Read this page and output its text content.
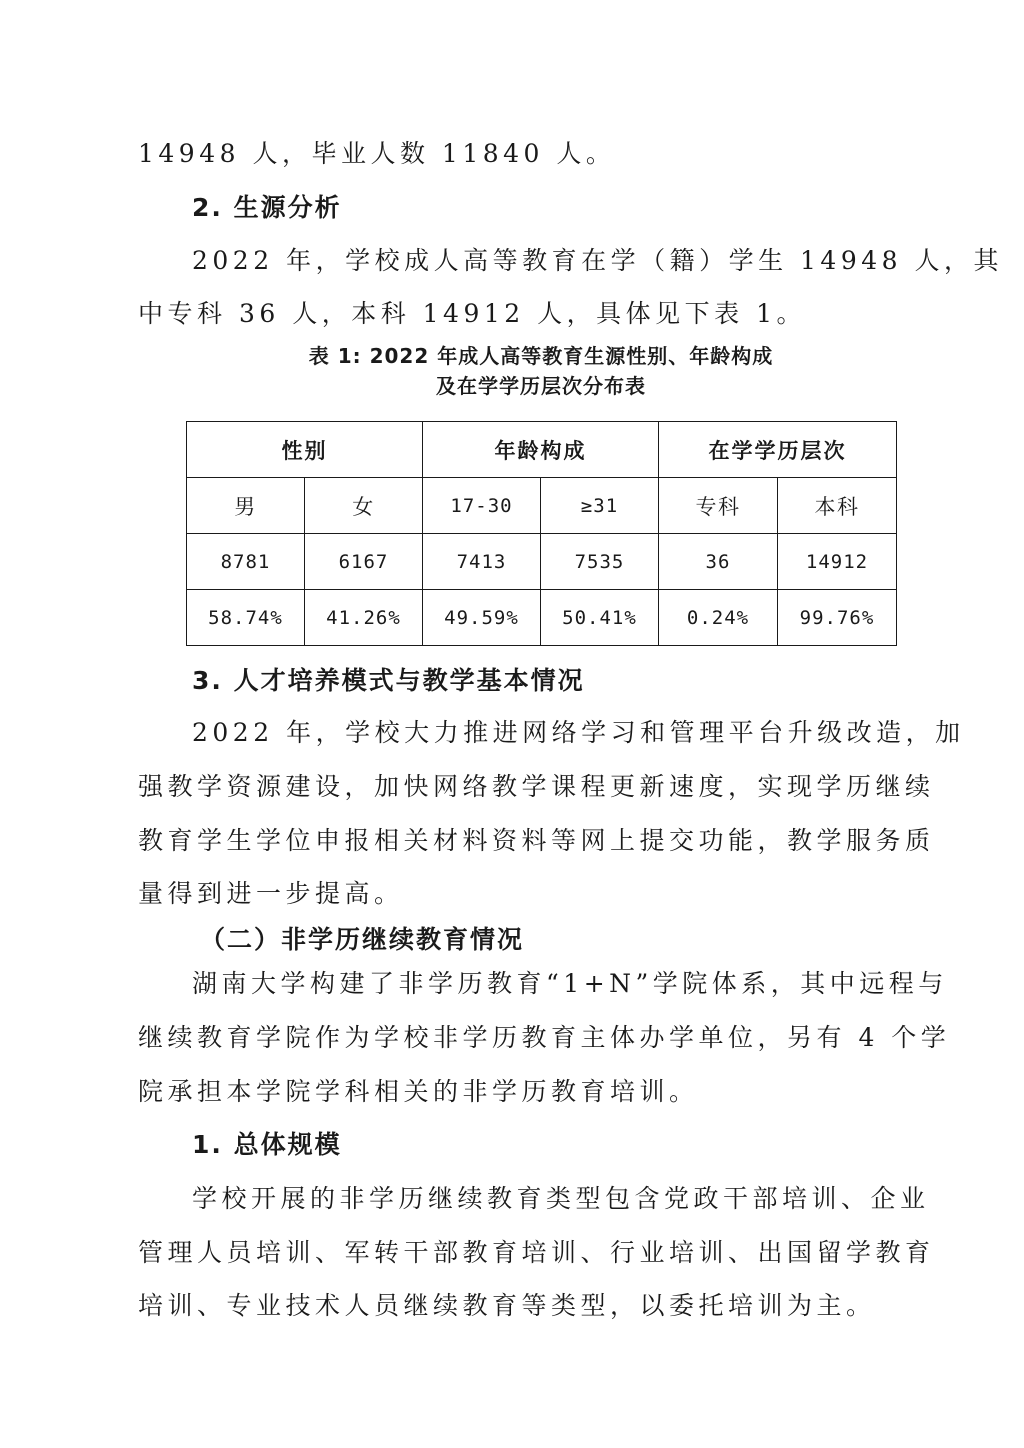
14948 人，毕业人数 11840 人。
2. 生源分析
2022 年，学校成人高等教育在学（籍）学生 14948 人，其
中专科 36 人，本科 14912 人，具体见下表 1。
表 1: 2022 年成人高等教育生源性别、年龄构成
及在学学历层次分布表
性别		年龄构成		在学学历层次	
男	女	17-30	≥31	专科	本科
8781	6167	7413	7535	36	14912
58.74%	41.26%	49.59%	50.41%	0.24%	99.76%
3. 人才培养模式与教学基本情况
2022 年，学校大力推进网络学习和管理平台升级改造，加
强教学资源建设，加快网络教学课程更新速度，实现学历继续
教育学生学位申报相关材料资料等网上提交功能，教学服务质
量得到进一步提高。
（二）非学历继续教育情况
湖南大学构建了非学历教育“1+N”学院体系，其中远程与
继续教育学院作为学校非学历教育主体办学单位，另有 4 个学
院承担本学院学科相关的非学历教育培训。
1. 总体规模
学校开展的非学历继续教育类型包含党政干部培训、企业
管理人员培训、军转干部教育培训、行业培训、出国留学教育
培训、专业技术人员继续教育等类型，以委托培训为主。
